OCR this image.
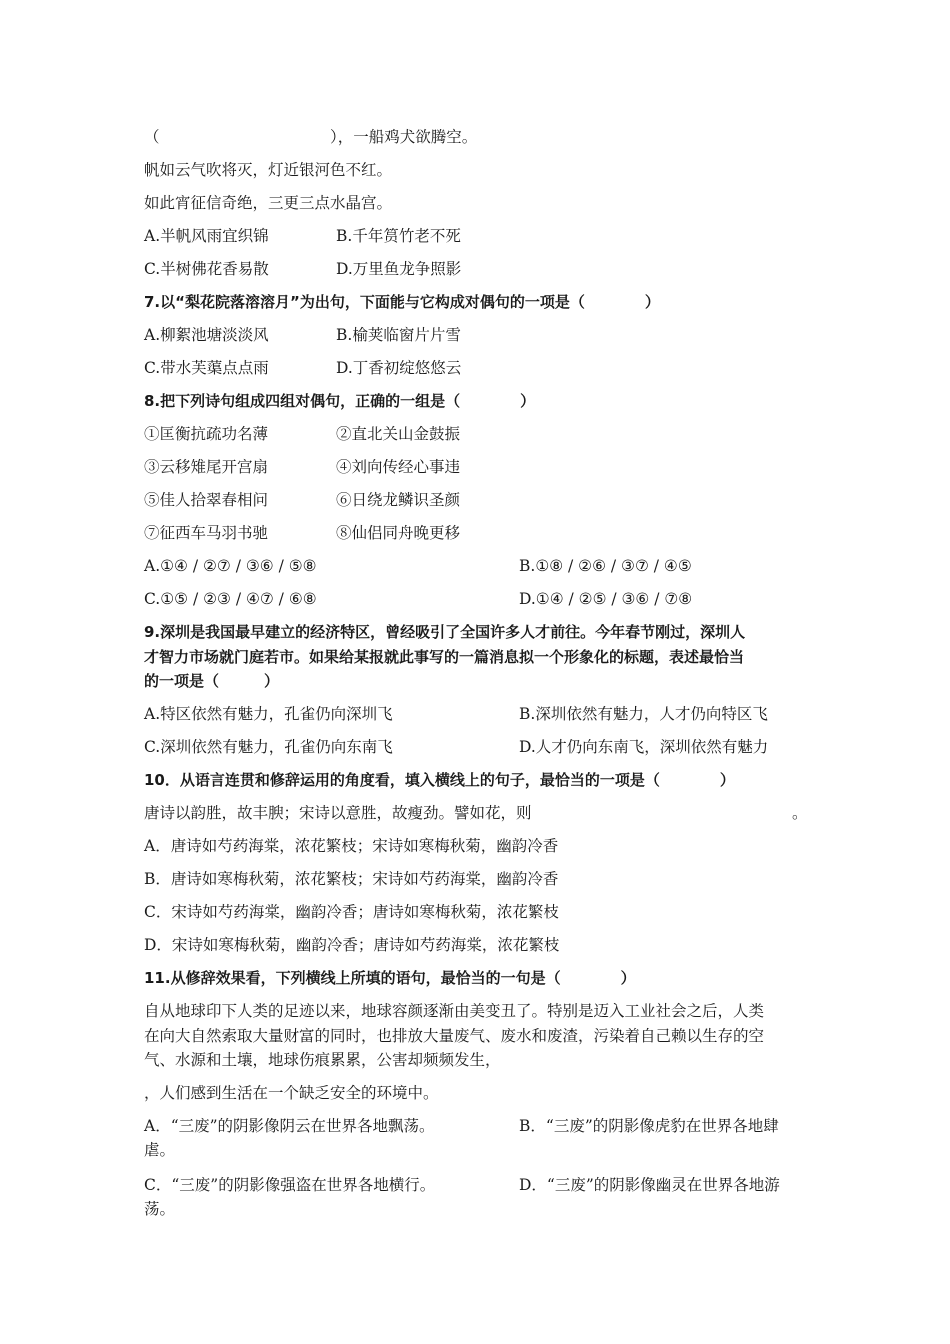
（　　　　　　　　　　　），一船鸡犬欲腾空。
帆如云气吹将灭，灯近银河色不红。
如此宵征信奇绝，三更三点水晶宫。
A.半帆风雨宜织锦	B.千年筼竹老不死
C.半树佛花香易散	D.万里鱼龙争照影
7.以“梨花院落溶溶月”为出句，下面能与它构成对偶句的一项是（　　　　）
A.柳絮池塘淡淡风	B.榆荚临窗片片雪
C.带水芙蕖点点雨	D.丁香初绽悠悠云
8.把下列诗句组成四组对偶句，正确的一组是（　　　　）
①匡衡抗疏功名薄	②直北关山金鼓振
③云移雉尾开宫扇	④刘向传经心事违
⑤佳人拾翠春相问	⑥日绕龙鳞识圣颜
⑦征西车马羽书驰	⑧仙侣同舟晚更移
A.①④ / ②⑦ / ③⑥ / ⑤⑧	B.①⑧ / ②⑥ / ③⑦ / ④⑤
C.①⑤ / ②③ / ④⑦ / ⑥⑧	D.①④ / ②⑤ / ③⑥ / ⑦⑧
9.深圳是我国最早建立的经济特区，曾经吸引了全国许多人才前往。今年春节刚过，深圳人
才智力市场就门庭若市。如果给某报就此事写的一篇消息拟一个形象化的标题，表述最恰当
的一项是（　　　）
A.特区依然有魅力，孔雀仍向深圳飞	B.深圳依然有魅力，人才仍向特区飞
C.深圳依然有魅力，孔雀仍向东南飞	D.人才仍向东南飞，深圳依然有魅力
10．从语言连贯和修辞运用的角度看，填入横线上的句子，最恰当的一项是（　　　　）
唐诗以韵胜，故丰腴；宋诗以意胜，故瘦劲。譬如花，则	。
A．唐诗如芍药海棠，浓花繁枝；宋诗如寒梅秋菊，幽韵冷香
B．唐诗如寒梅秋菊，浓花繁枝；宋诗如芍药海棠，幽韵冷香
C．宋诗如芍药海棠，幽韵冷香；唐诗如寒梅秋菊，浓花繁枝
D．宋诗如寒梅秋菊，幽韵冷香；唐诗如芍药海棠，浓花繁枝
11.从修辞效果看，下列横线上所填的语句，最恰当的一句是（　　　　）
自从地球印下人类的足迹以来，地球容颜逐渐由美变丑了。特别是迈入工业社会之后，人类
在向大自然索取大量财富的同时，也排放大量废气、废水和废渣，污染着自己赖以生存的空
气、水源和土壤，地球伤痕累累，公害却频频发生，
，人们感到生活在一个缺乏安全的环境中。
A．“三废”的阴影像阴云在世界各地飘荡。	B．“三废”的阴影像虎豹在世界各地肆
虐。
C．“三废”的阴影像强盗在世界各地横行。	D．“三废”的阴影像幽灵在世界各地游
荡。
